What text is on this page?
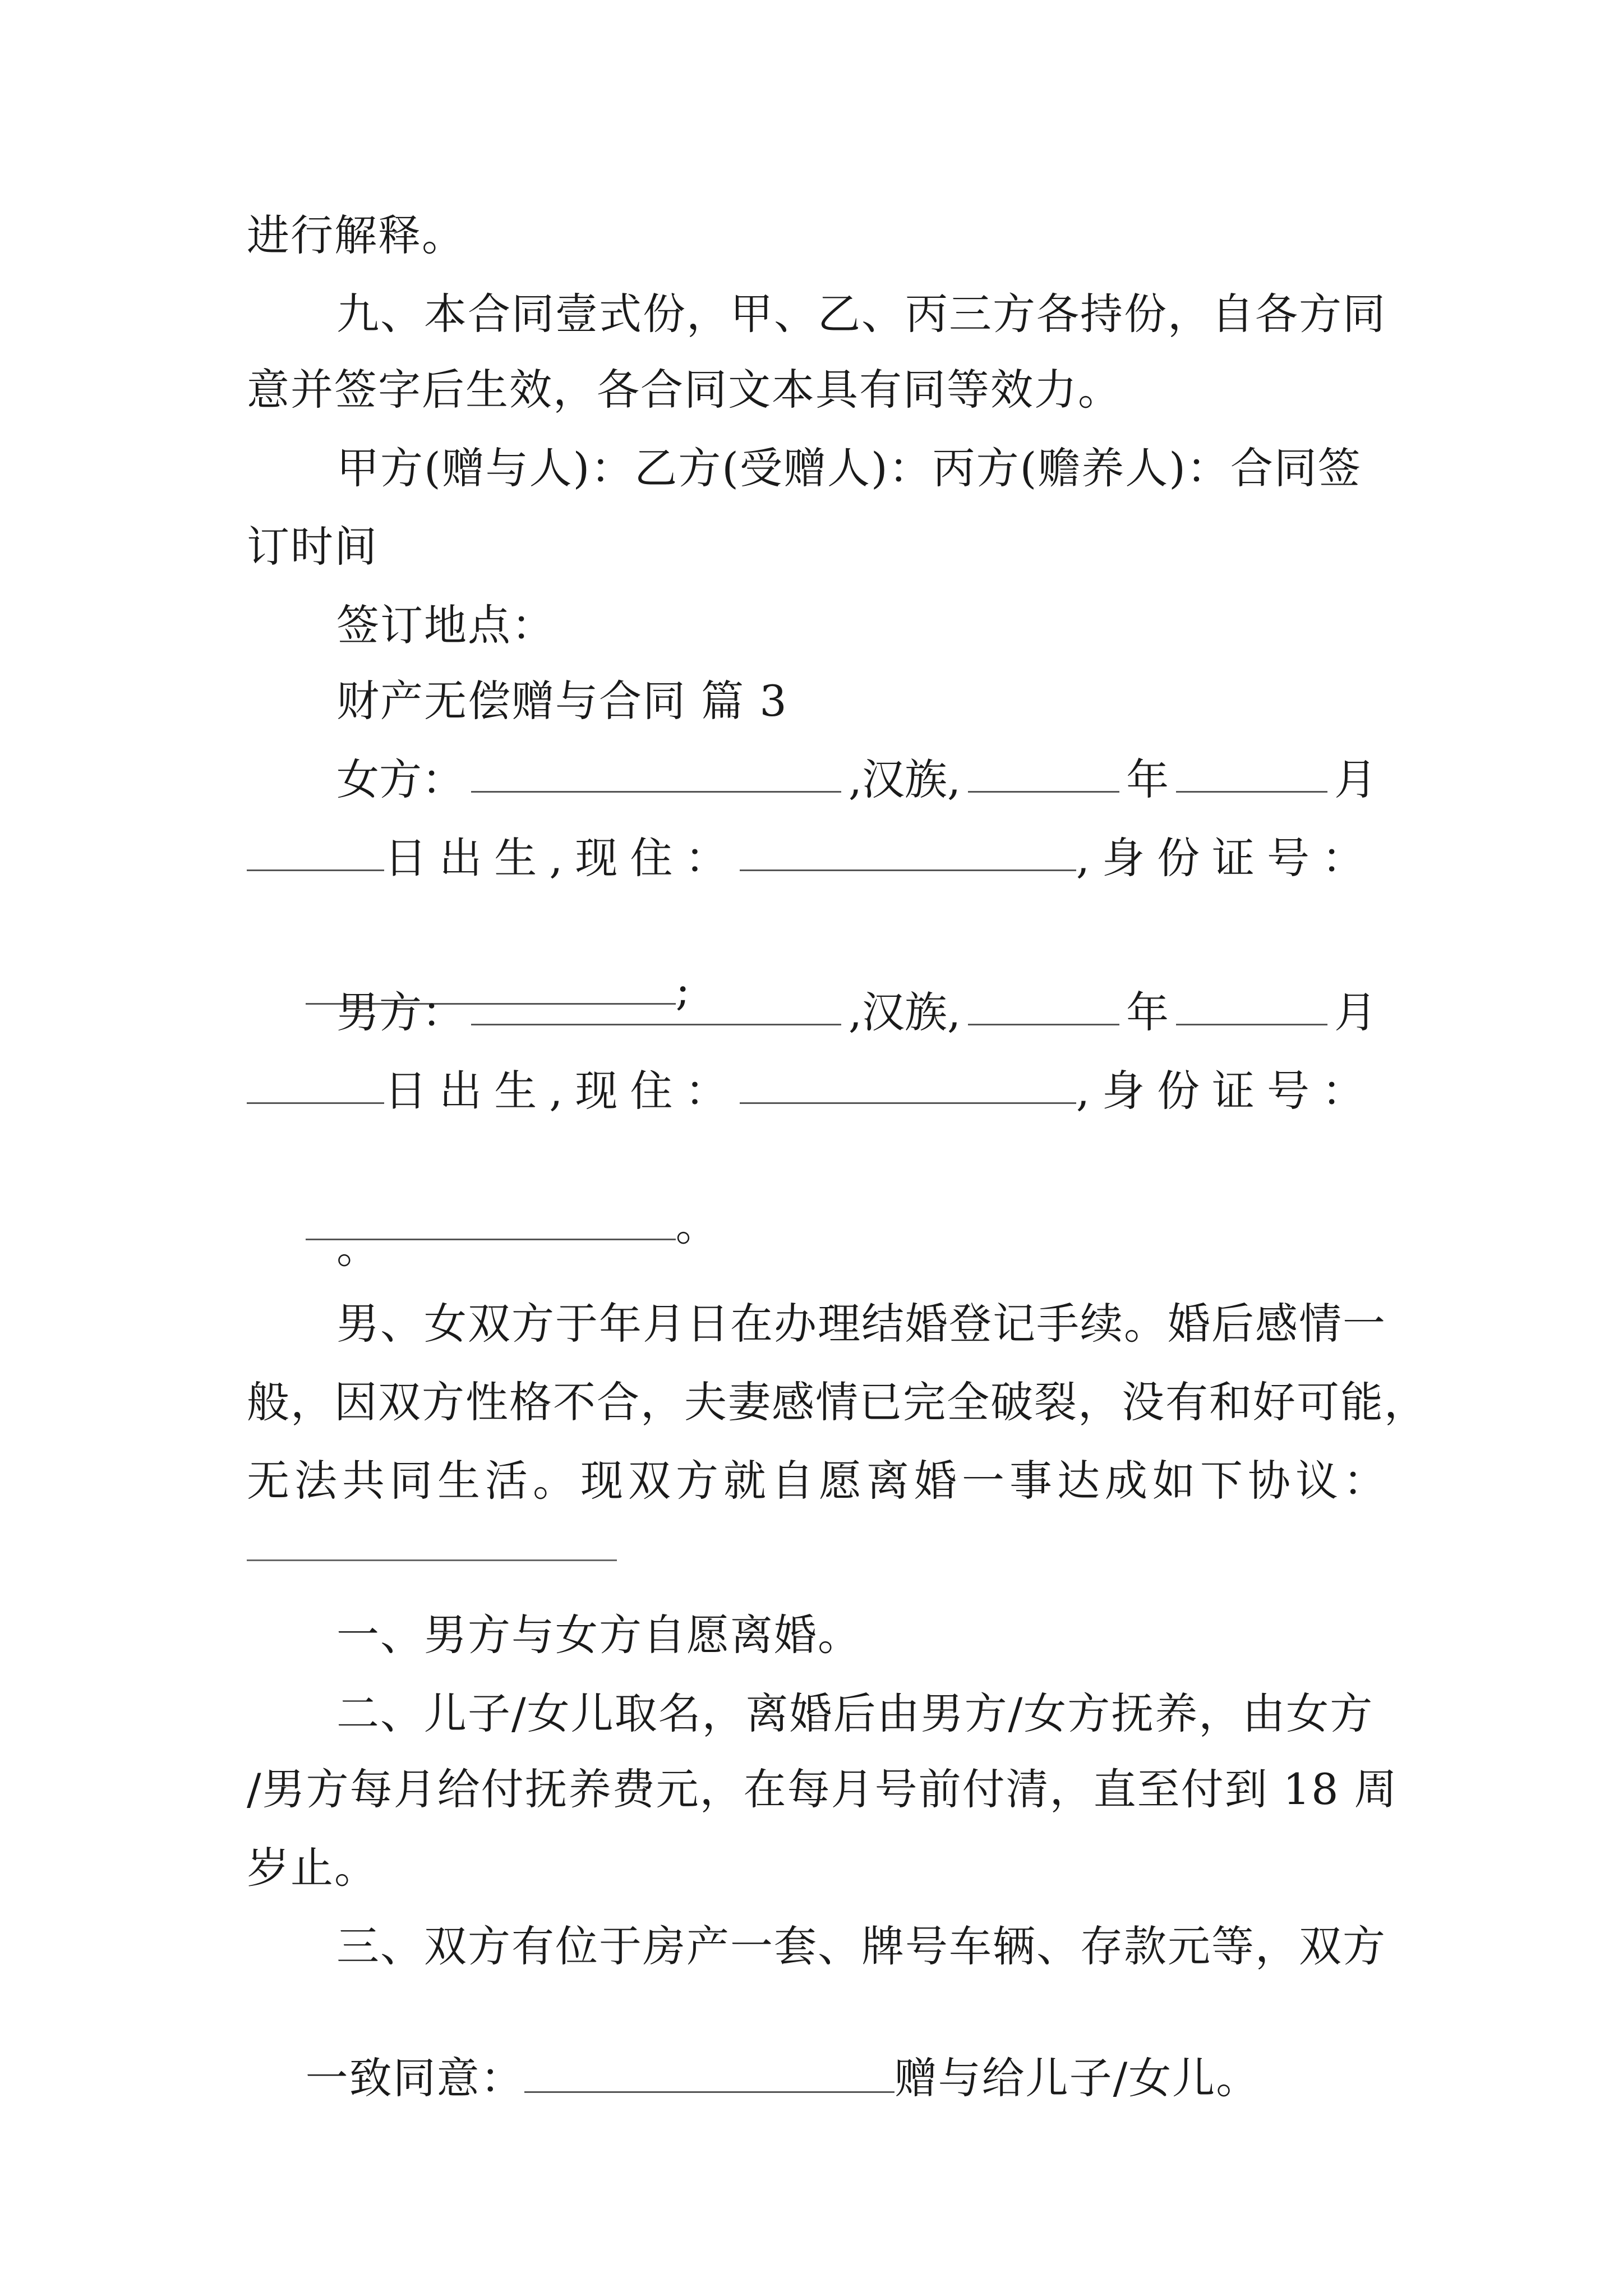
进行解释。
九、本合同壹式份，甲、乙、丙三方各持份，自各方同
意并签字后生效，各合同文本具有同等效力。
甲方(赠与人)：乙方(受赠人)：丙方(赡养人)：合同签
订时间
签订地点：
财产无偿赠与合同 篇 3
女方：	,汉族,	年	月
日出生,现住：	,身份证号：

;

男方：	,汉族,	年	月
日出生,现住：	,身份证号：

。

。
男、女双方于年月日在办理结婚登记手续。婚后感情一
般，因双方性格不合，夫妻感情已完全破裂，没有和好可能，
无法共同生活。现双方就自愿离婚一事达成如下协议：
一、男方与女方自愿离婚。
二、儿子/女儿取名，离婚后由男方/女方抚养，由女方
/男方每月给付抚养费元，在每月号前付清，直至付到 18 周
岁止。
三、双方有位于房产一套、牌号车辆、存款元等，双方

一致同意：	赠与给儿子/女儿。
